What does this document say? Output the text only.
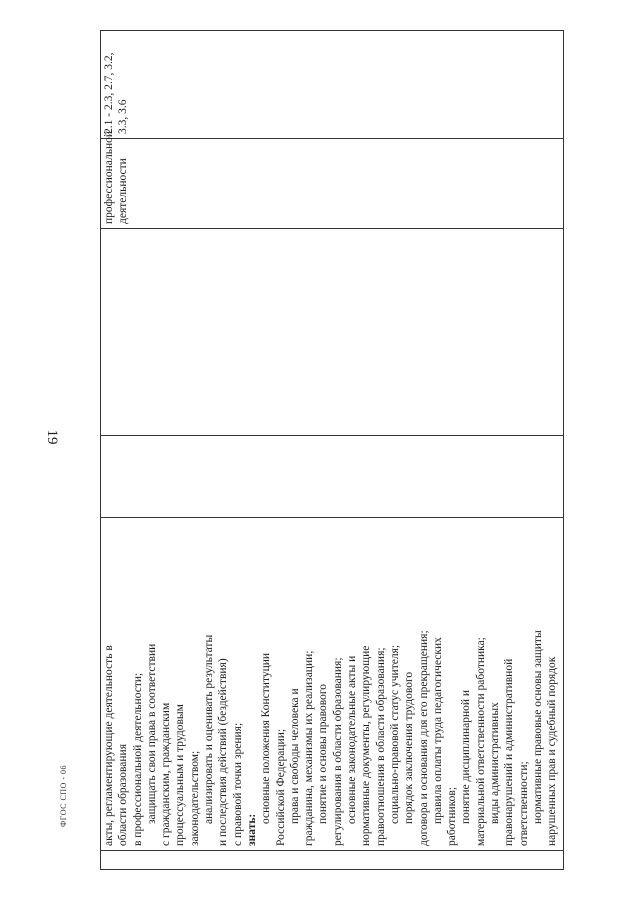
19
акты, регламентирующие деятельность в области образования в профессиональной деятельности; защищать свои права в соответствии с гражданским, гражданским процессуальным и трудовым законодательством; анализировать и оценивать результаты и последствия действий (бездействия) с правовой точки зрения; знать:
основные положения Конституции Российской Федерации; права и свободы человека и гражданина, механизмы их реализации; понятие и основы правового регулирования в области образования; основные законодательные акты и нормативные документы, регулирующие правоотношения в области образования; социально-правовой статус учителя; порядок заключения трудового договора и основания для его прекращения; правила оплаты труда педагогических работников; понятие дисциплинарной и материальной ответственности работника; виды административных правонарушений и административной ответственности; нормативные правовые основы защиты нарушенных прав и судебный порядок
профессиональной деятельности
2.1 - 2.3, 2.7, 3.2, 3.3, 3.6
ФГОС СПО - 06
